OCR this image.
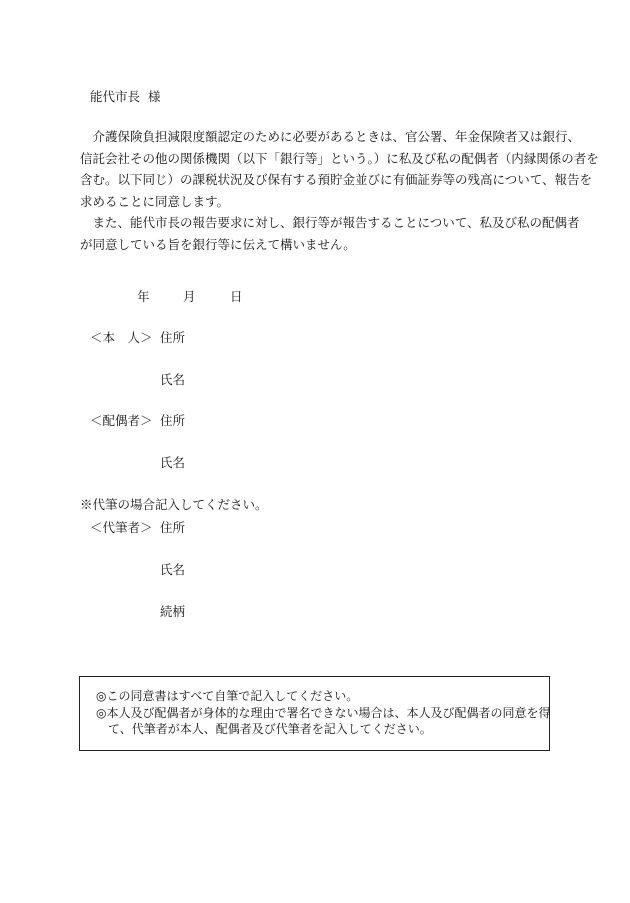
能代市長 様
　介護保険負担減限度額認定のために必要があるときは、官公署、年金保険者又は銀行、
信託会社その他の関係機関（以下「銀行等」という。）に私及び私の配偶者（内縁関係の者を
含む。以下同じ）の課税状況及び保有する預貯金並びに有価証券等の残高について、報告を
求めることに同意します。
　また、能代市長の報告要求に対し、銀行等が報告することについて、私及び私の配偶者
が同意している旨を銀行等に伝えて構いません。
年	月	日
＜本　人＞ 住所
氏名
＜配偶者＞ 住所
氏名
※代筆の場合記入してください。
＜代筆者＞ 住所
氏名
続柄
◎この同意書はすべて自筆で記入してください。
◎本人及び配偶者が身体的な理由で署名できない場合は、本人及び配偶者の同意を得
て、代筆者が本人、配偶者及び代筆者を記入してください。
